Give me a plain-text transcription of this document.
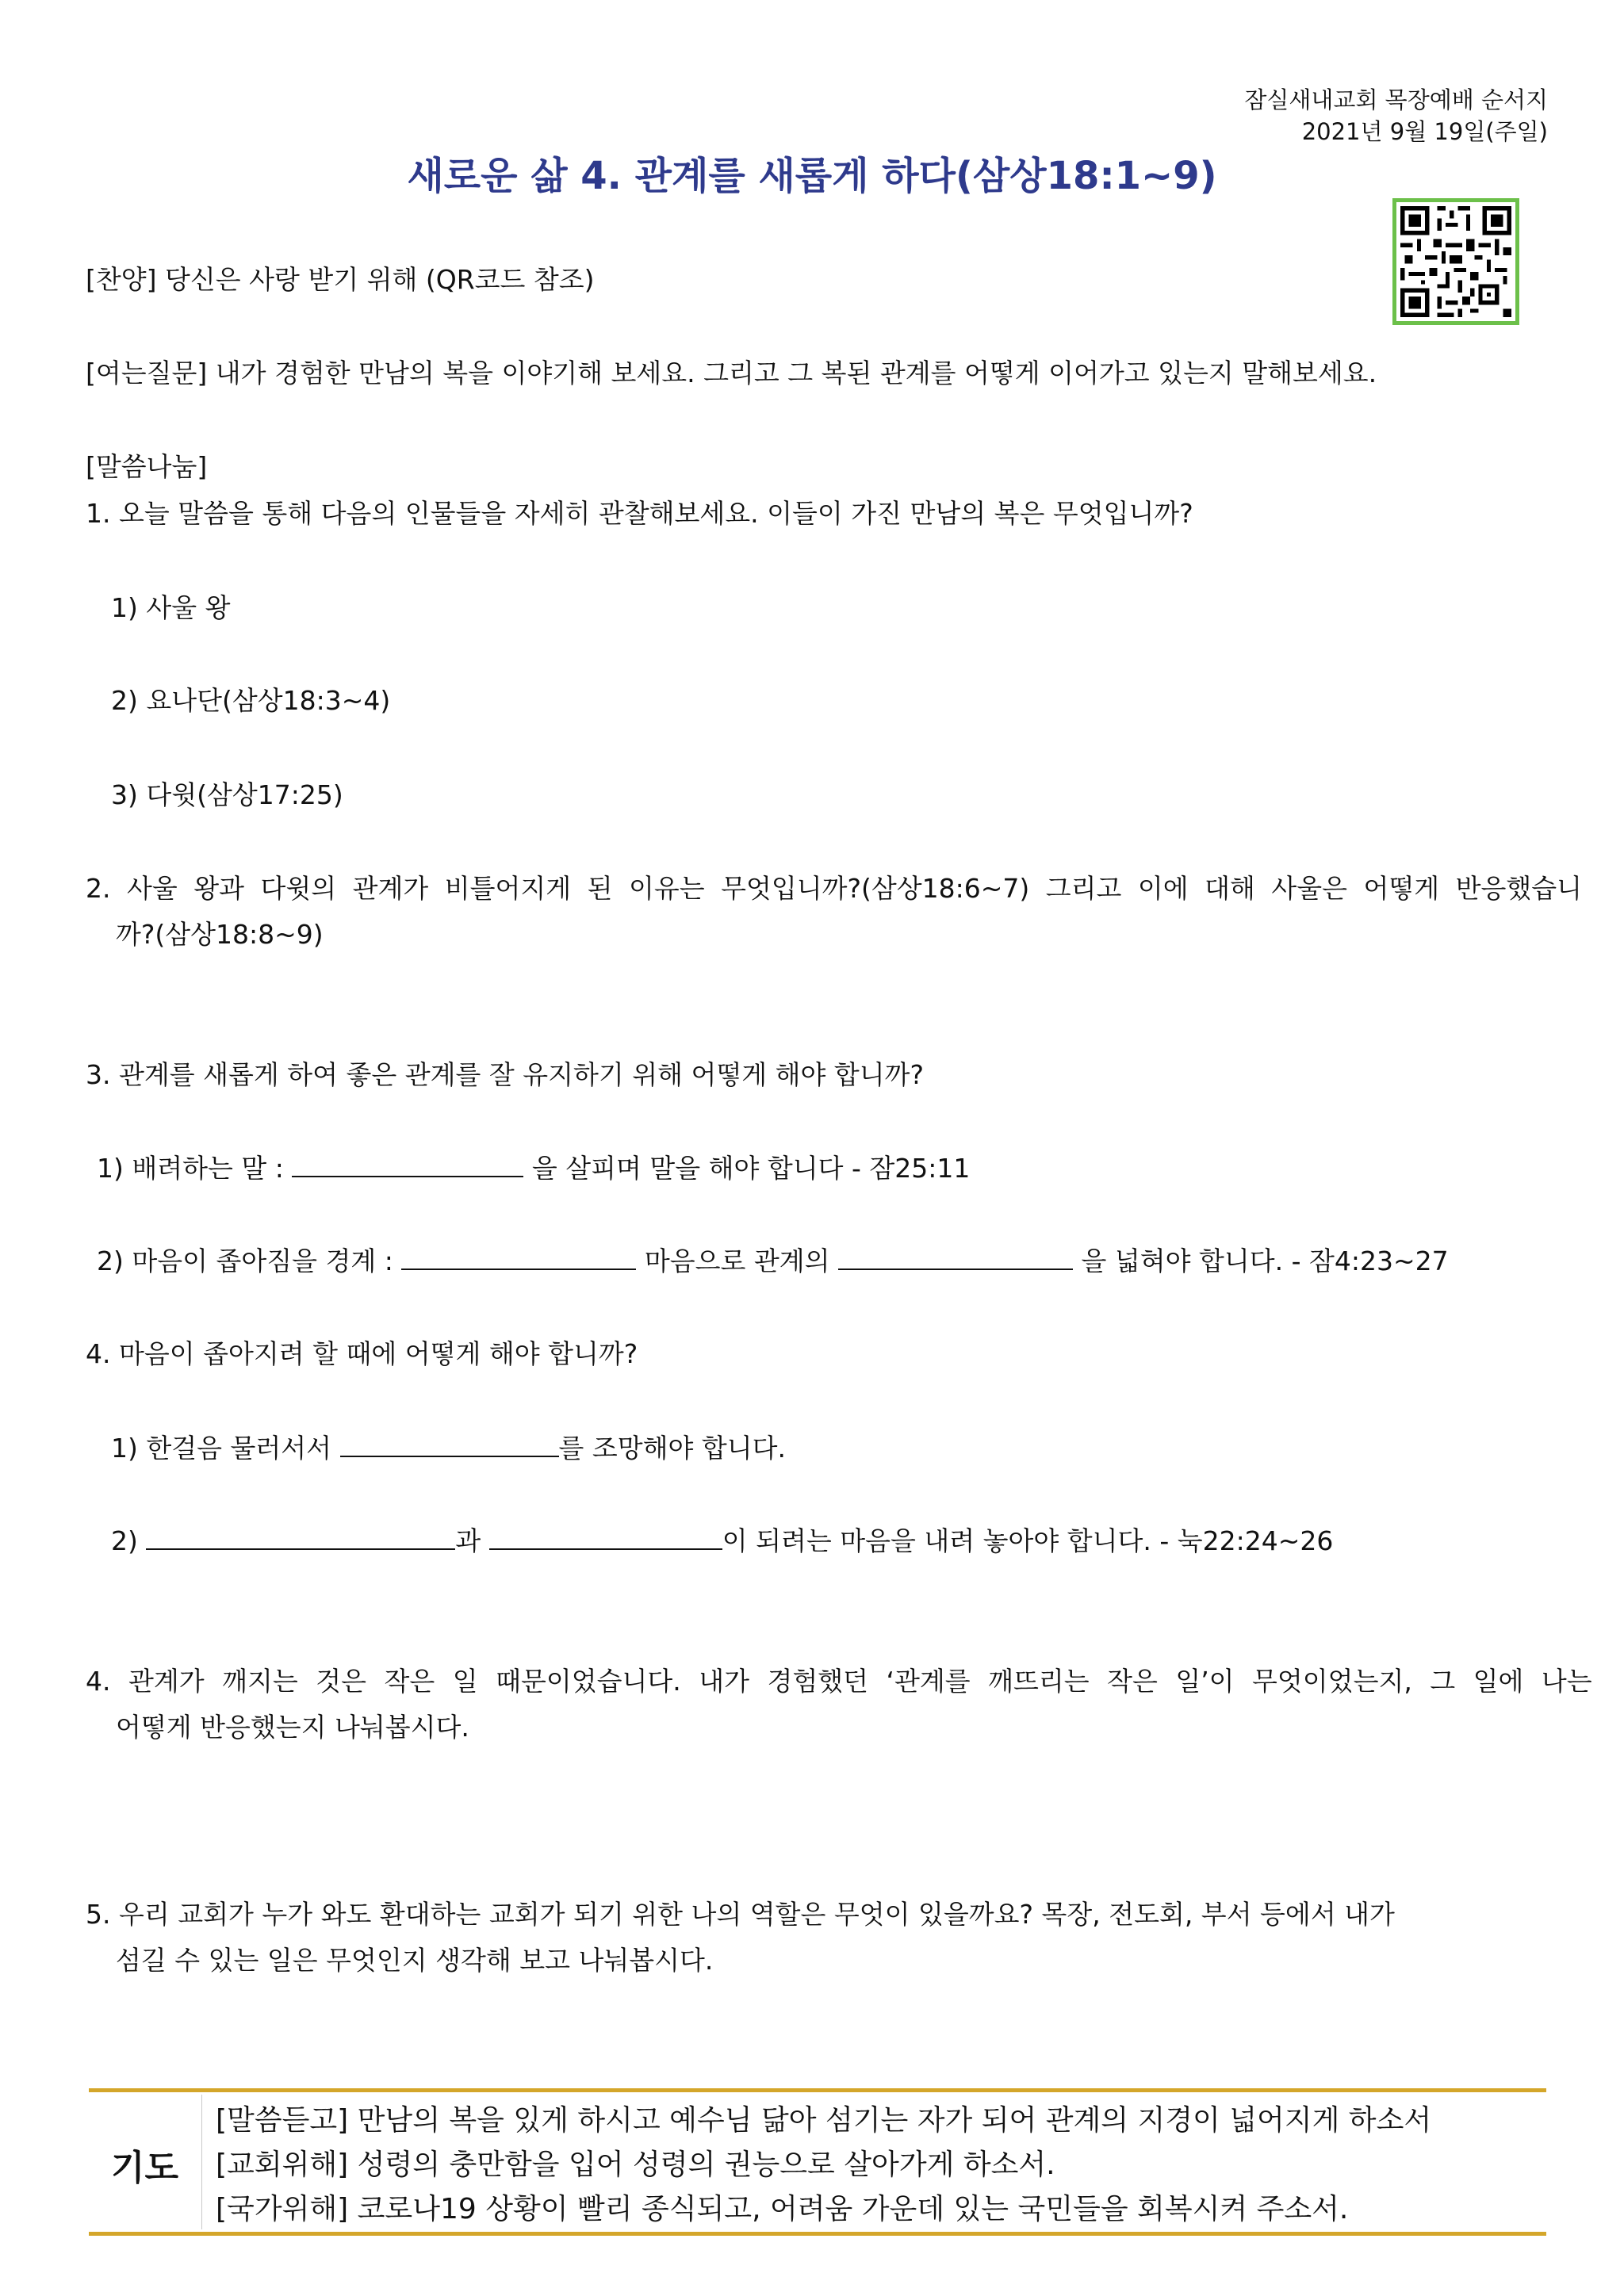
잠실새내교회 목장예배 순서지
2021년 9월 19일(주일)
새로운 삶 4. 관계를 새롭게 하다(삼상18:1~9)
[찬양] 당신은 사랑 받기 위해 (QR코드 참조)
[여는질문] 내가 경험한 만남의 복을 이야기해 보세요. 그리고 그 복된 관계를 어떻게 이어가고 있는지 말해보세요.
[말씀나눔]
1. 오늘 말씀을 통해 다음의 인물들을 자세히 관찰해보세요. 이들이 가진 만남의 복은 무엇입니까?
1) 사울 왕
2) 요나단(삼상18:3~4)
3) 다윗(삼상17:25)
2. 사울 왕과 다윗의 관계가 비틀어지게 된 이유는 무엇입니까?(삼상18:6~7) 그리고 이에 대해 사울은 어떻게 반응했습니
까?(삼상18:8~9)
3. 관계를 새롭게 하여 좋은 관계를 잘 유지하기 위해 어떻게 해야 합니까?
1) 배려하는 말 :	을 살피며 말을 해야 합니다 - 잠25:11
2) 마음이 좁아짐을 경계 :	마음으로 관계의	을 넓혀야 합니다. - 잠4:23~27
4. 마음이 좁아지려 할 때에 어떻게 해야 합니까?
1) 한걸음 물러서서	를 조망해야 합니다.
2)	과	이 되려는 마음을 내려 놓아야 합니다. - 눅22:24~26
4. 관계가 깨지는 것은 작은 일 때문이었습니다. 내가 경험했던 ‘관계를 깨뜨리는 작은 일’이 무엇이었는지, 그 일에 나는
어떻게 반응했는지 나눠봅시다.
5. 우리 교회가 누가 와도 환대하는 교회가 되기 위한 나의 역할은 무엇이 있을까요? 목장, 전도회, 부서 등에서 내가
섬길 수 있는 일은 무엇인지 생각해 보고 나눠봅시다.
기도
[말씀듣고] 만남의 복을 있게 하시고 예수님 닮아 섬기는 자가 되어 관계의 지경이 넓어지게 하소서
[교회위해] 성령의 충만함을 입어 성령의 권능으로 살아가게 하소서.
[국가위해] 코로나19 상황이 빨리 종식되고, 어려움 가운데 있는 국민들을 회복시켜 주소서.
